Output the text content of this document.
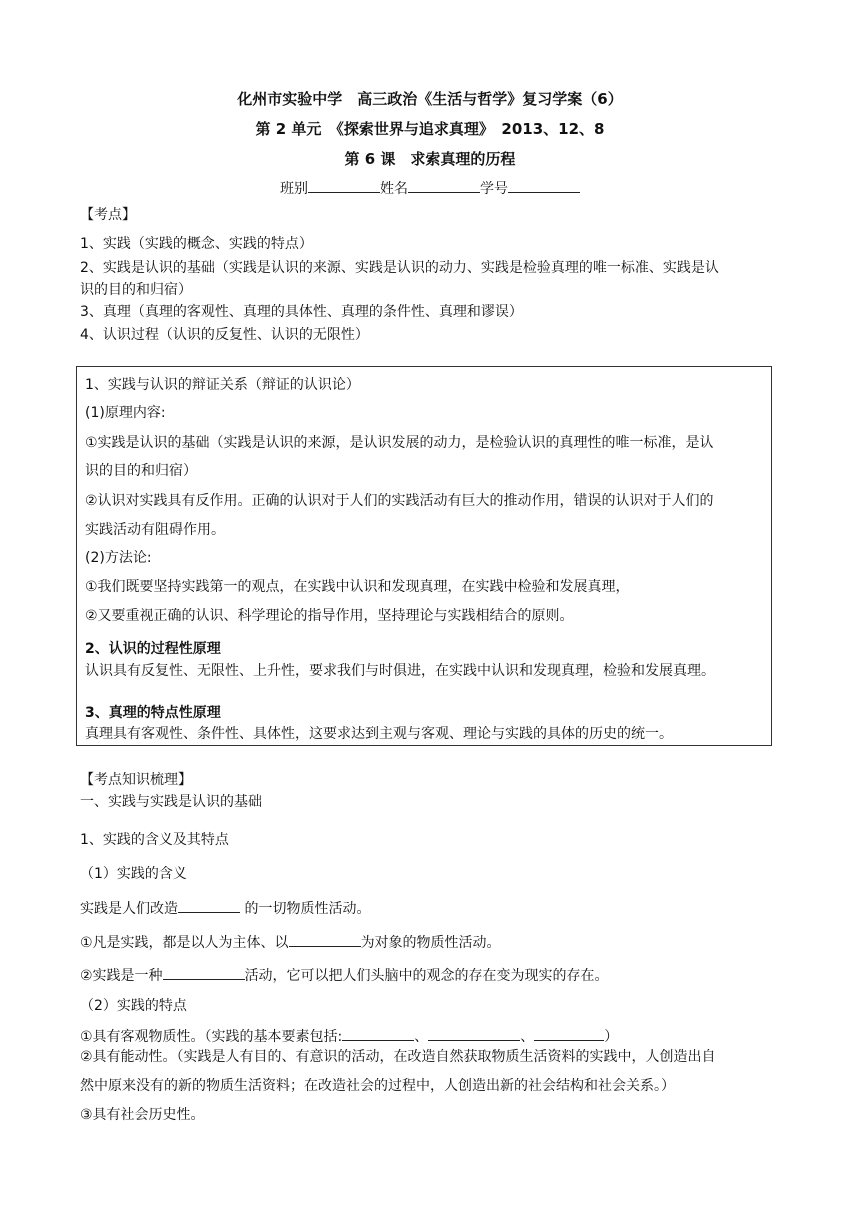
化州市实验中学　高三政治《生活与哲学》复习学案（6）
第 2 单元　《探索世界与追求真理》　2013、12、8
第 6 课　求索真理的历程
班别	姓名	学号
【考点】
1、实践（实践的概念、实践的特点）
2、实践是认识的基础（实践是认识的来源、实践是认识的动力、实践是检验真理的唯一标准、实践是认
识的目的和归宿）
3、真理（真理的客观性、真理的具体性、真理的条件性、真理和谬误）
4、认识过程（认识的反复性、认识的无限性）
1、实践与认识的辩证关系（辩证的认识论）
(1)原理内容:
①实践是认识的基础（实践是认识的来源，是认识发展的动力，是检验认识的真理性的唯一标准，是认
识的目的和归宿）
②认识对实践具有反作用。正确的认识对于人们的实践活动有巨大的推动作用，错误的认识对于人们的
实践活动有阻碍作用。
(2)方法论:
①我们既要坚持实践第一的观点，在实践中认识和发现真理，在实践中检验和发展真理，
②又要重视正确的认识、科学理论的指导作用，坚持理论与实践相结合的原则。
2、认识的过程性原理
认识具有反复性、无限性、上升性，要求我们与时俱进，在实践中认识和发现真理，检验和发展真理。
3、真理的特点性原理
真理具有客观性、条件性、具体性，这要求达到主观与客观、理论与实践的具体的历史的统一。
【考点知识梳理】
一、实践与实践是认识的基础
1、实践的含义及其特点
（1）实践的含义
实践是人们改造	的一切物质性活动。
①凡是实践，都是以人为主体、以	为对象的物质性活动。
②实践是一种	活动，它可以把人们头脑中的观念的存在变为现实的存在。
（2）实践的特点
①具有客观物质性。（实践的基本要素包括:	、	、	）
②具有能动性。（实践是人有目的、有意识的活动，在改造自然获取物质生活资料的实践中，人创造出自
然中原来没有的新的物质生活资料；在改造社会的过程中，人创造出新的社会结构和社会关系。）
③具有社会历史性。
